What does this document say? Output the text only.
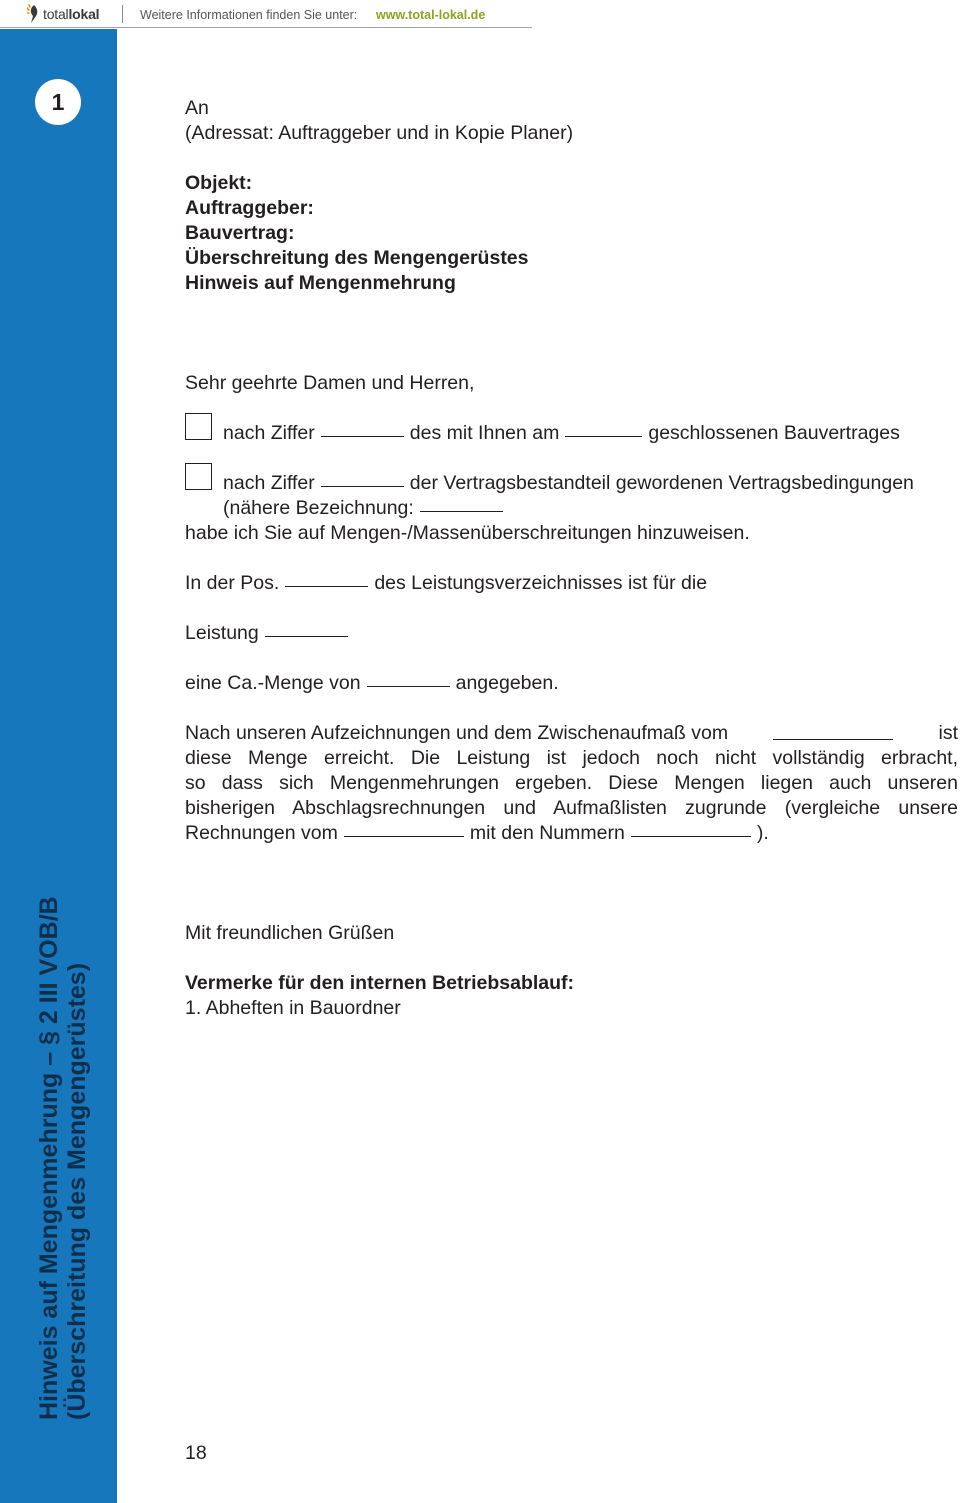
totallokal	Weitere Informationen finden Sie unter: www.total-lokal.de
1
Hinweis auf Mengenmehrung – § 2 III VOB/B (Überschreitung des Mengengerüstes)
An
(Adressat: Auftraggeber und in Kopie Planer)
Objekt:
Auftraggeber:
Bauvertrag:
Überschreitung des Mengengerüstes
Hinweis auf Mengenmehrung
Sehr geehrte Damen und Herren,
nach Ziffer	des mit Ihnen am	geschlossenen Bauvertrages
nach Ziffer	der Vertragsbestandteil gewordenen Vertragsbedingungen
(nähere Bezeichnung:
habe ich Sie auf Mengen-/Massenüberschreitungen hinzuweisen.
In der Pos.	des Leistungsverzeichnisses ist für die
Leistung
eine Ca.-Menge von	angegeben.
Nach unseren Aufzeichnungen und dem Zwischenaufmaß vom	ist
diese Menge erreicht. Die Leistung ist jedoch noch nicht vollständig erbracht,
so dass sich Mengenmehrungen ergeben. Diese Mengen liegen auch unseren
bisherigen Abschlagsrechnungen und Aufmaßlisten zugrunde (vergleiche unsere
Rechnungen vom	mit den Nummern	).
Mit freundlichen Grüßen
Vermerke für den internen Betriebsablauf:
1. Abheften in Bauordner
18
